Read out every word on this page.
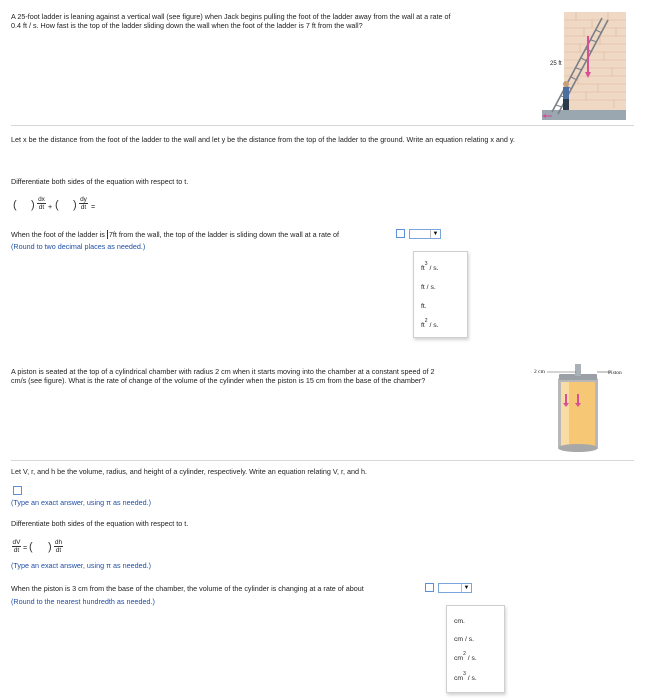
A 25-foot ladder is leaning against a vertical wall (see figure) when Jack begins pulling the foot of the ladder away from the wall at a rate of
0.4 ft / s. How fast is the top of the ladder sliding down the wall when the foot of the ladder is 7 ft from the wall?
25 ft
Let x be the distance from the foot of the ladder to the wall and let y be the distance from the top of the ladder to the ground. Write an equation relating x and y.
Differentiate both sides of the equation with respect to t.
( ) $\frac{dx}{dt}$ + ( ) $\frac{dy}{dt}$ =
When the foot of the ladder is 7ft from the wall, the top of the ladder is sliding down the wall at a rate of	▼
(Round to two decimal places as needed.)
$ft^3$ / s.
ft / s.
ft.
$ft^2$ / s.
A piston is seated at the top of a cylindrical chamber with radius 2 cm when it starts moving into the chamber at a constant speed of 2
cm/s (see figure). What is the rate of change of the volume of the cylinder when the piston is 15 cm from the base of the chamber?
2 cm	Piston
Let V, r, and h be the volume, radius, and height of a cylinder, respectively. Write an equation relating V, r, and h.
(Type an exact answer, using π as needed.)
Differentiate both sides of the equation with respect to t.
$\frac{dV}{dt}$ = ( ) $\frac{dh}{dt}$
(Type an exact answer, using π as needed.)
When the piston is 3 cm from the base of the chamber, the volume of the cylinder is changing at a rate of about	▼
(Round to the nearest hundredth as needed.)
cm.
cm / s.
$cm^2$ / s.
$cm^3$ / s.
